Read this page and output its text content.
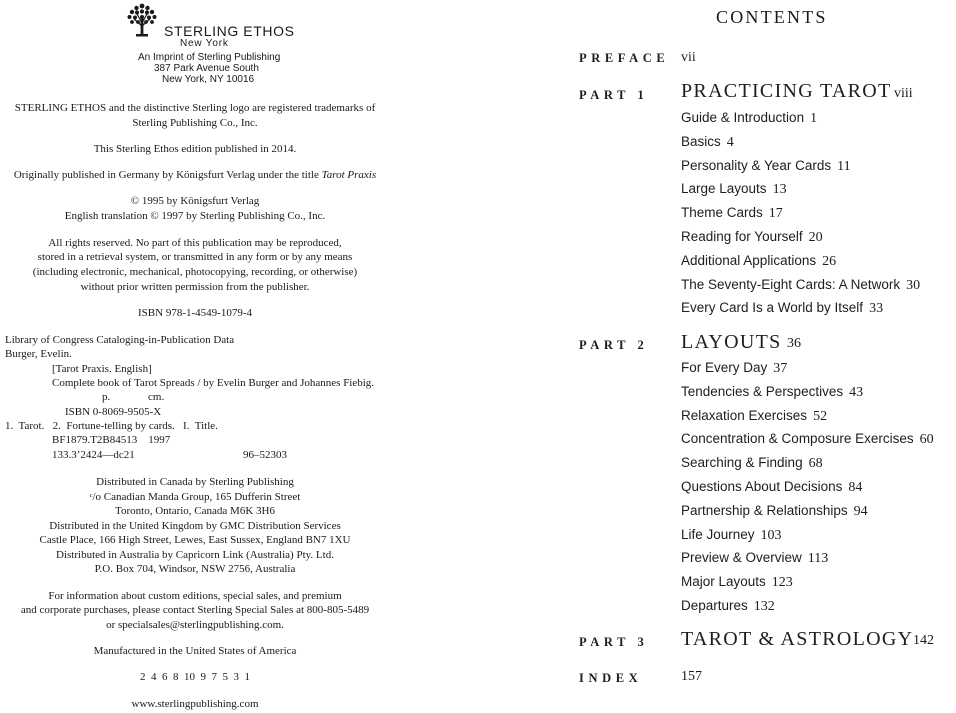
STERLING ETHOS
New York
An Imprint of Sterling Publishing
387 Park Avenue South
New York, NY 10016
STERLING ETHOS and the distinctive Sterling logo are registered trademarks of
Sterling Publishing Co., Inc.
This Sterling Ethos edition published in 2014.
Originally published in Germany by Königsfurt Verlag under the title Tarot Praxis
© 1995 by Königsfurt Verlag
English translation © 1997 by Sterling Publishing Co., Inc.
All rights reserved. No part of this publication may be reproduced,
stored in a retrieval system, or transmitted in any form or by any means
(including electronic, mechanical, photocopying, recording, or otherwise)
without prior written permission from the publisher.
ISBN 978-1-4549-1079-4
Library of Congress Cataloging-in-Publication Data
Burger, Evelin.
[Tarot Praxis. English]
Complete book of Tarot Spreads / by Evelin Burger and Johannes Fiebig.
p.	cm.
ISBN 0-8069-9505-X
1.  Tarot.   2.  Fortune-telling by cards.   I.  Title.
BF1879.T2B84513    1997
133.3’2424—dc21	96–52303
Distributed in Canada by Sterling Publishing
ᶜ/o Canadian Manda Group, 165 Dufferin Street
Toronto, Ontario, Canada M6K 3H6
Distributed in the United Kingdom by GMC Distribution Services
Castle Place, 166 High Street, Lewes, East Sussex, England BN7 1XU
Distributed in Australia by Capricorn Link (Australia) Pty. Ltd.
P.O. Box 704, Windsor, NSW 2756, Australia
For information about custom editions, special sales, and premium
and corporate purchases, please contact Sterling Special Sales at 800-805-5489
or specialsales@sterlingpublishing.com.
Manufactured in the United States of America
2  4  6  8  10  9  7  5  3  1
www.sterlingpublishing.com
CONTENTS
PREFACE vii
PART 1 PRACTICING TAROT viii
Guide & Introduction 1
Basics 4
Personality & Year Cards 11
Large Layouts 13
Theme Cards 17
Reading for Yourself 20
Additional Applications 26
The Seventy-Eight Cards: A Network 30
Every Card Is a World by Itself 33
PART 2 LAYOUTS 36
For Every Day 37
Tendencies & Perspectives 43
Relaxation Exercises 52
Concentration & Composure Exercises 60
Searching & Finding 68
Questions About Decisions 84
Partnership & Relationships 94
Life Journey 103
Preview & Overview 113
Major Layouts 123
Departures 132
PART 3 TAROT & ASTROLOGY 142
INDEX	157
